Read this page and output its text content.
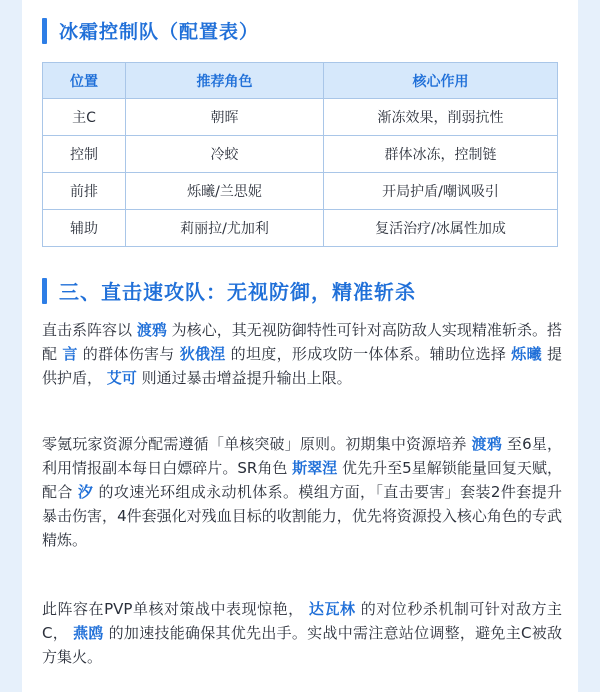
冰霜控制队（配置表）
位置	推荐角色	核心作用
主C	朝晖	渐冻效果，削弱抗性
控制	冷蛟	群体冰冻，控制链
前排	烁曦/兰思妮	开局护盾/嘲讽吸引
辅助	莉丽拉/尤加利	复活治疗/冰属性加成
三、直击速攻队：无视防御，精准斩杀
直击系阵容以 渡鸦 为核心，其无视防御特性可针对高防敌人实现精准斩杀。搭配 言 的群体伤害与 狄俄涅 的坦度，形成攻防一体体系。辅助位选择 烁曦 提供护盾， 艾可 则通过暴击增益提升输出上限。
零氪玩家资源分配需遵循「单核突破」原则。初期集中资源培养 渡鸦 至6星，利用情报副本每日白嫖碎片。SR角色 斯翠涅 优先升至5星解锁能量回复天赋，配合 汐 的攻速光环组成永动机体系。模组方面，「直击要害」套装2件套提升暴击伤害，4件套强化对残血目标的收割能力，优先将资源投入核心角色的专武精炼。
此阵容在PVP单核对策战中表现惊艳， 达瓦林 的对位秒杀机制可针对敌方主C， 燕鸥 的加速技能确保其优先出手。实战中需注意站位调整，避免主C被敌方集火。
